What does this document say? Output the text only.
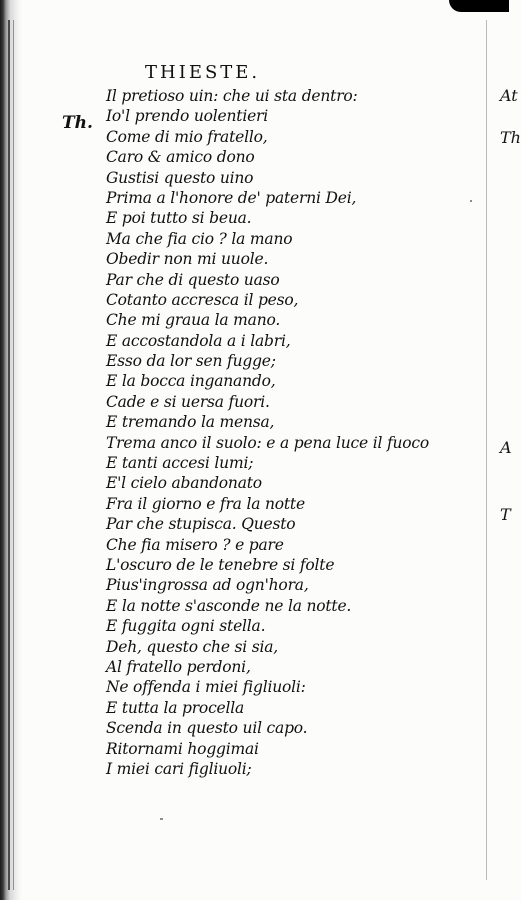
THIESTE.
Th.
Il pretioso uin: che ui sta dentro:
Io'l prendo uolentieri
Come di mio fratello,
Caro & amico dono
Gustisi questo uino
Prima a l'honore de' paterni Dei,
E poi tutto si beua.
Ma che fia cio ? la mano
Obedir non mi uuole.
Par che di questo uaso
Cotanto accresca il peso,
Che mi graua la mano.
E accostandola a i labri,
Esso da lor sen fugge;
E la bocca inganando,
Cade e si uersa fuori.
E tremando la mensa,
Trema anco il suolo: e a pena luce il fuoco
E tanti accesi lumi;
E'l cielo abandonato
Fra il giorno e fra la notte
Par che stupisca. Questo
Che fia misero ? e pare
L'oscuro de le tenebre si folte
Pius'ingrossa ad ogn'hora,
E la notte s'asconde ne la notte.
E fuggita ogni stella.
Deh, questo che si sia,
Al fratello perdoni,
Ne offenda i miei figliuoli:
E tutta la procella
Scenda in questo uil capo.
Ritornami hoggimai
I miei cari figliuoli;
At
Th
A
T
